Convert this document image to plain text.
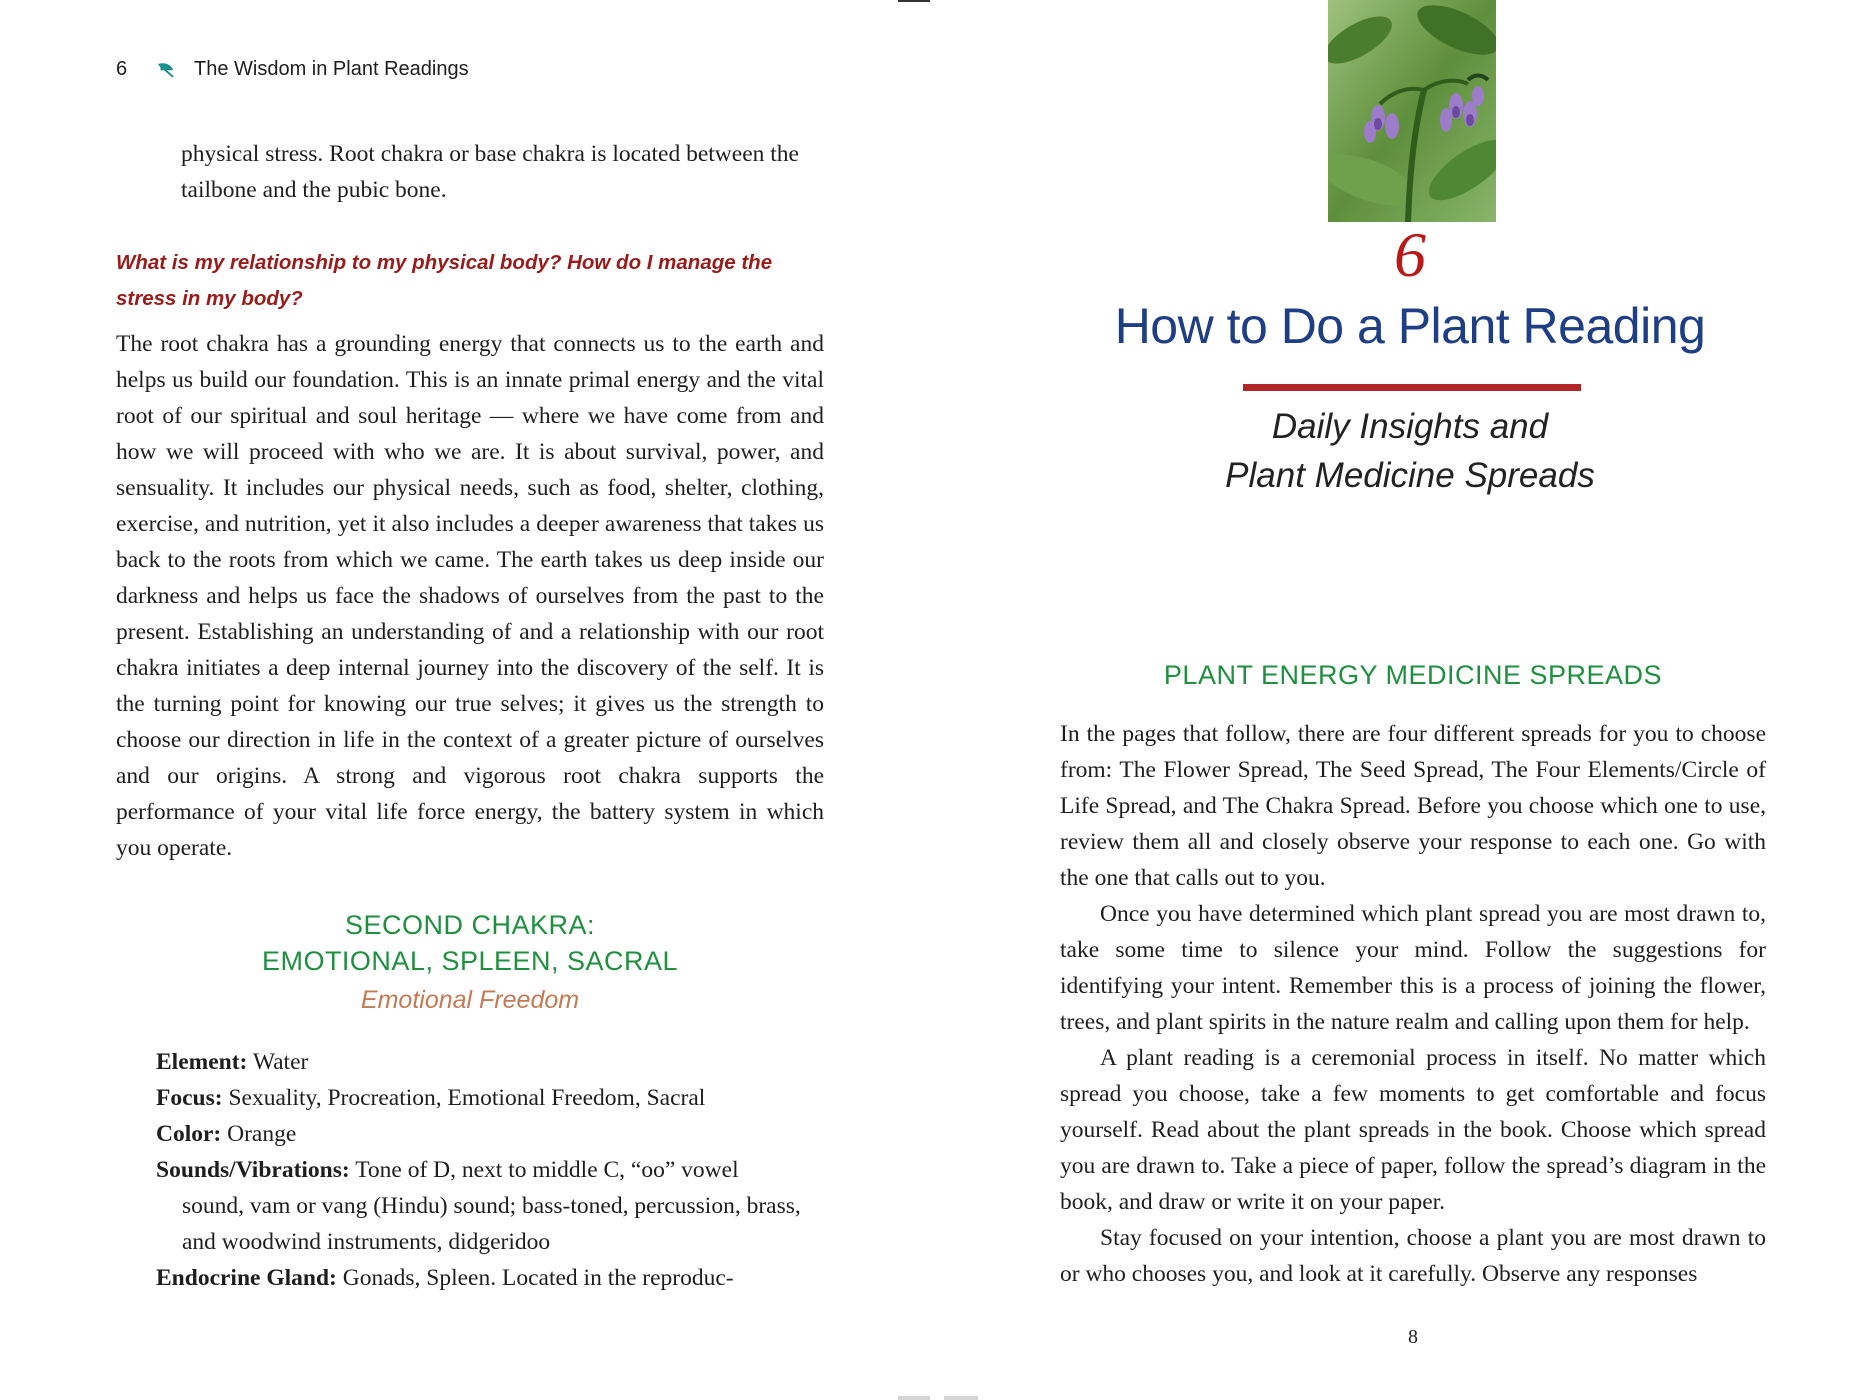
6	The Wisdom in Plant Readings
physical stress. Root chakra or base chakra is located between the tailbone and the pubic bone.
What is my relationship to my physical body? How do I manage the stress in my body?
The root chakra has a grounding energy that connects us to the earth and helps us build our foundation. This is an innate primal energy and the vital root of our spiritual and soul heritage — where we have come from and how we will proceed with who we are. It is about survival, power, and sensuality. It includes our physical needs, such as food, shelter, clothing, exercise, and nutrition, yet it also includes a deeper awareness that takes us back to the roots from which we came. The earth takes us deep inside our darkness and helps us face the shadows of ourselves from the past to the present. Establishing an understanding of and a relationship with our root chakra initiates a deep internal journey into the discovery of the self. It is the turning point for knowing our true selves; it gives us the strength to choose our direction in life in the context of a greater picture of ourselves and our origins. A strong and vigorous root chakra supports the performance of your vital life force energy, the battery system in which you operate.
SECOND CHAKRA:
EMOTIONAL, SPLEEN, SACRAL
Emotional Freedom
Element: Water
Focus: Sexuality, Procreation, Emotional Freedom, Sacral
Color: Orange
Sounds/Vibrations: Tone of D, next to middle C, “oo” vowel sound, vam or vang (Hindu) sound; bass-toned, percussion, brass, and woodwind instruments, didgeridoo
Endocrine Gland: Gonads, Spleen. Located in the reproduc-
6
How to Do a Plant Reading
Daily Insights and
Plant Medicine Spreads
PLANT ENERGY MEDICINE SPREADS

In the pages that follow, there are four different spreads for you to choose from: The Flower Spread, The Seed Spread, The Four Elements/Circle of Life Spread, and The Chakra Spread. Before you choose which one to use, review them all and closely observe your response to each one. Go with the one that calls out to you.

Once you have determined which plant spread you are most drawn to, take some time to silence your mind. Follow the suggestions for identifying your intent. Remember this is a process of joining the flower, trees, and plant spirits in the nature realm and calling upon them for help.

A plant reading is a ceremonial process in itself. No matter which spread you choose, take a few moments to get comfortable and focus yourself. Read about the plant spreads in the book. Choose which spread you are drawn to. Take a piece of paper, follow the spread’s diagram in the book, and draw or write it on your paper.

Stay focused on your intention, choose a plant you are most drawn to or who chooses you, and look at it carefully. Observe any responses

8
